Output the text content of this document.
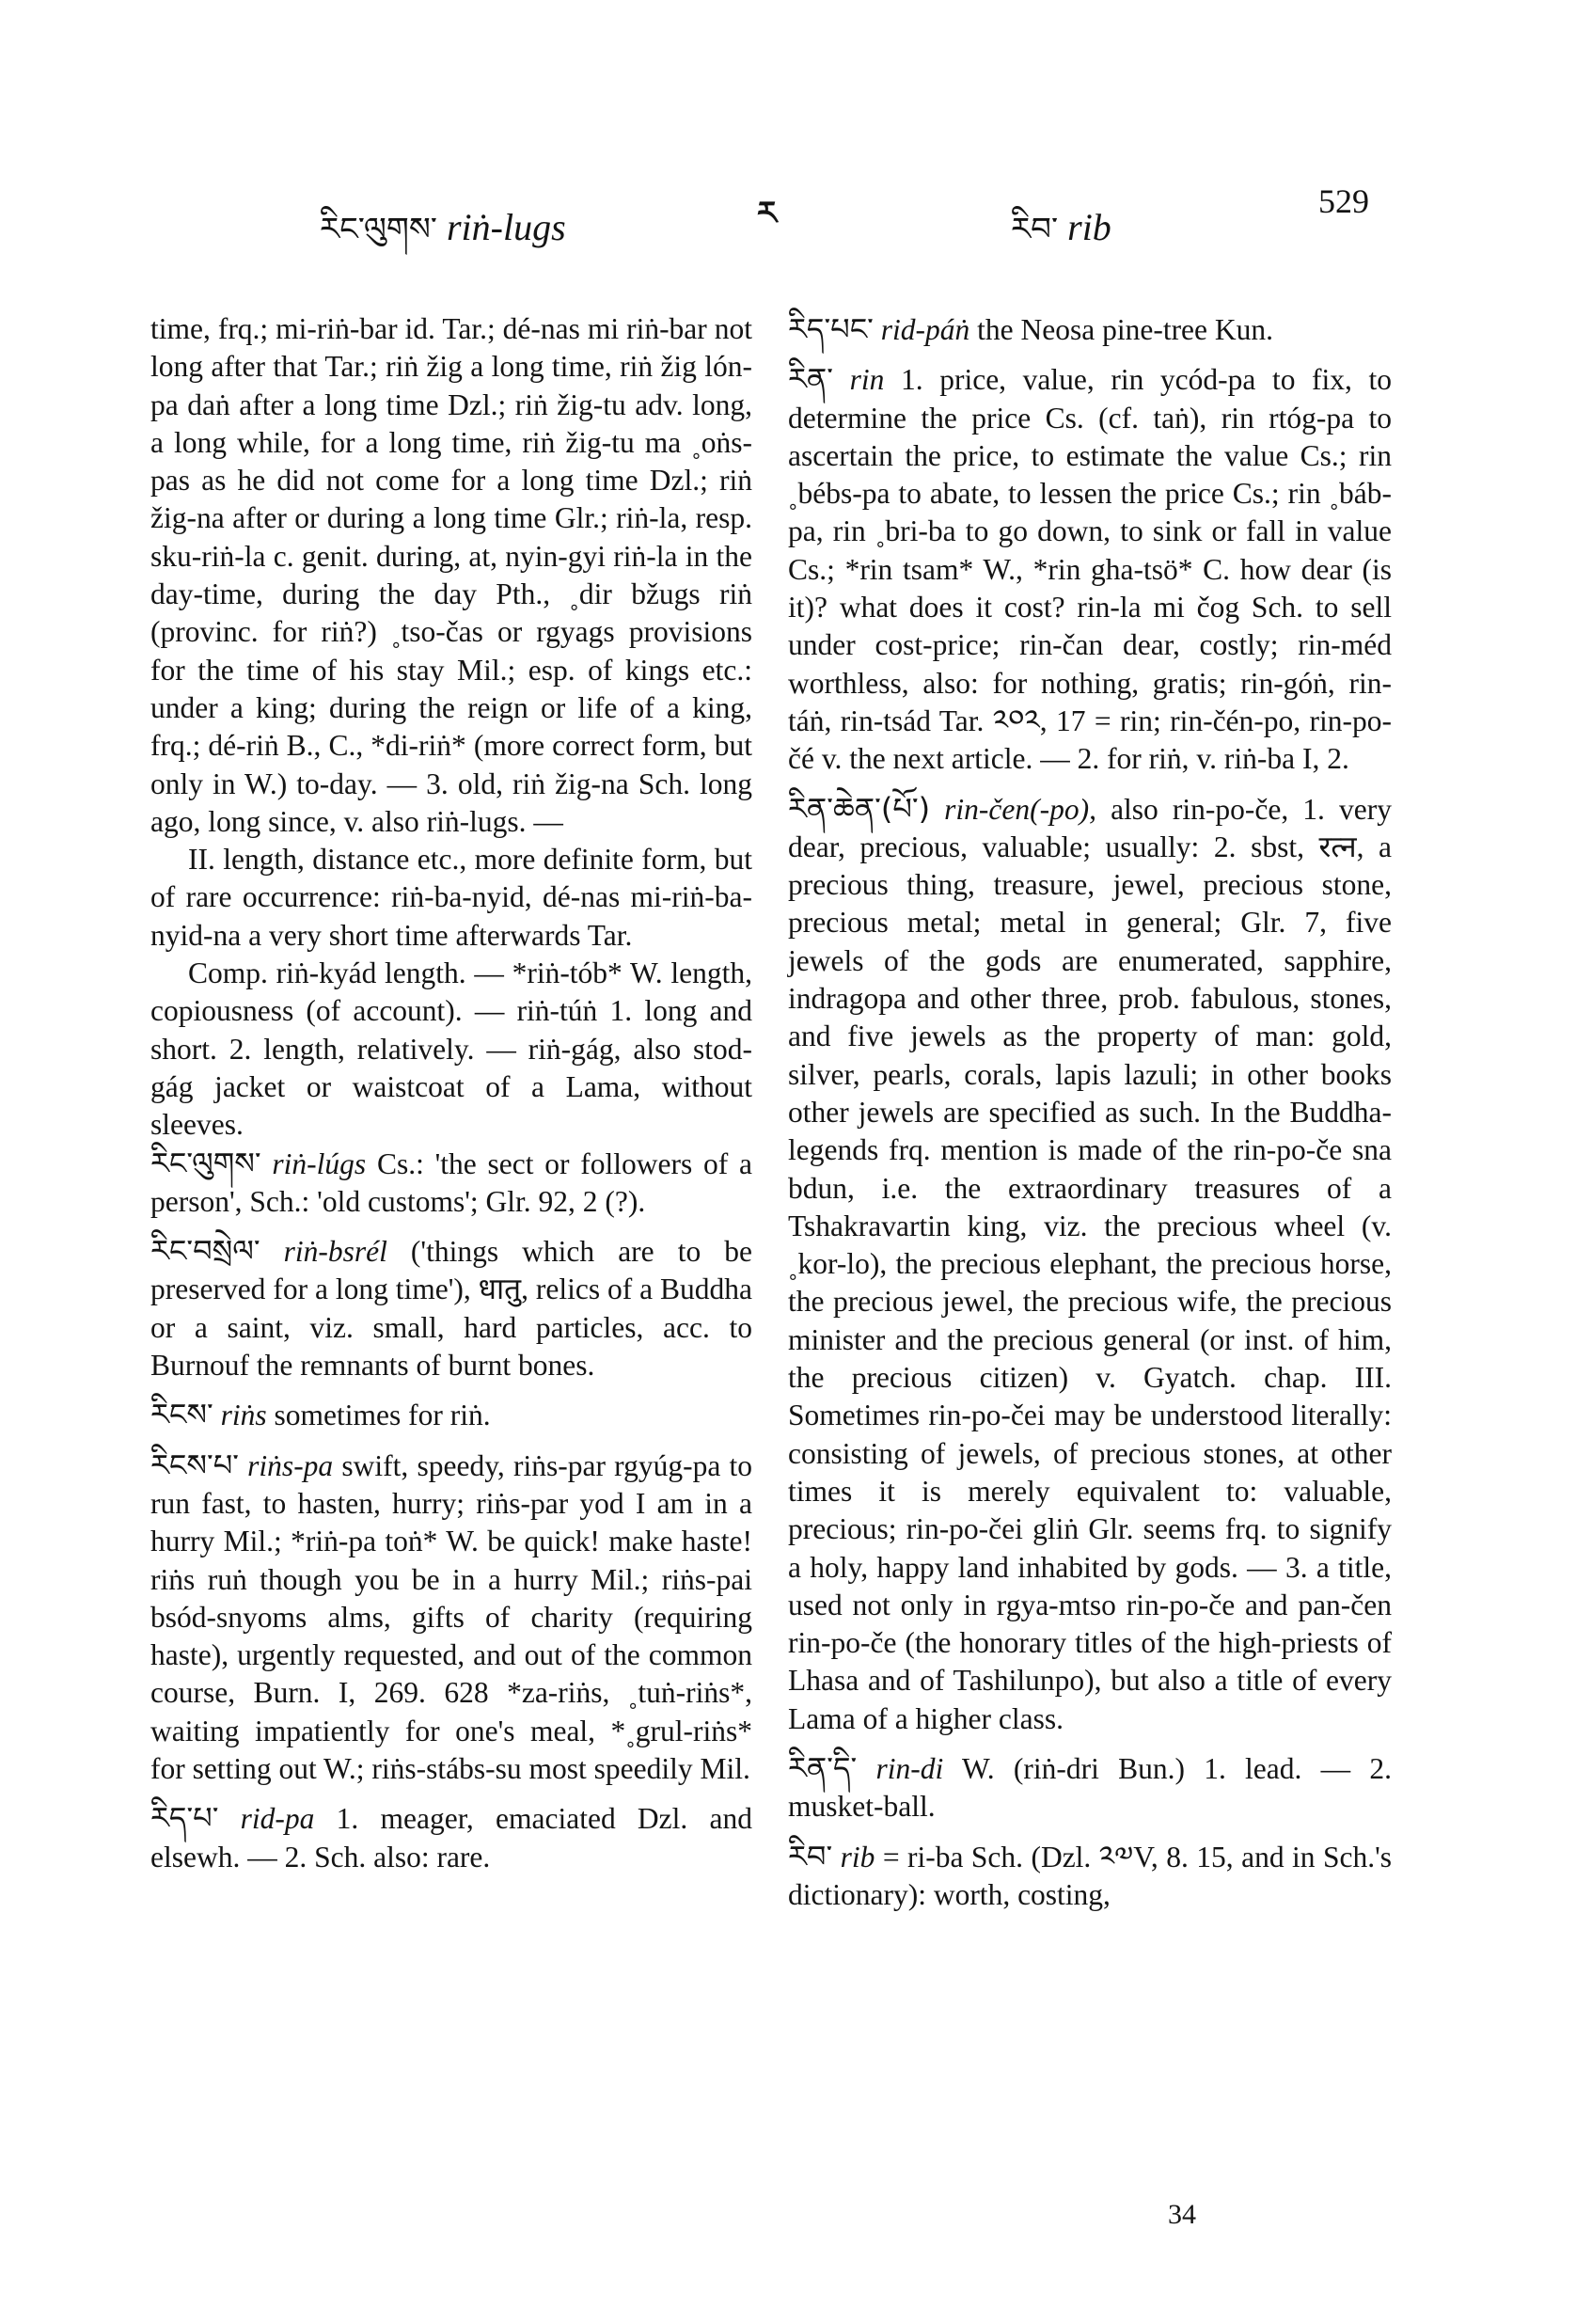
རིང་ལུགས་ riṅ-lugs	ར	རིབ་ rib
529

time, frq.; mi-riṅ-bar id. Tar.; dé-nas mi riṅ-bar not long after that Tar.; riṅ žig a long time, riṅ žig lón-pa daṅ after a long time Dzl.; riṅ žig-tu adv. long, a long while, for a long time, riṅ žig-tu ma ˳oṅs-pas as he did not come for a long time Dzl.; riṅ žig-na after or during a long time Glr.; riṅ-la, resp. sku-riṅ-la c. genit. during, at, nyin-gyi riṅ-la in the day-time, during the day Pth., ˳dir bžugs riṅ (provinc. for riṅ?) ˳tso-čas or rgyags provisions for the time of his stay Mil.; esp. of kings etc.: under a king; during the reign or life of a king, frq.; dé-riṅ B., C., *di-riṅ* (more correct form, but only in W.) to-day. — 3. old, riṅ žig-na Sch. long ago, long since, v. also riṅ-lugs. —

II. length, distance etc., more definite form, but of rare occurrence: riṅ-ba-nyid, dé-nas mi-riṅ-ba-nyid-na a very short time afterwards Tar.

Comp. riṅ-kyád length. — *riṅ-tób* W. length, copiousness (of account). — riṅ-túṅ 1. long and short. 2. length, relatively. — riṅ-gág, also stod-gág jacket or waistcoat of a Lama, without sleeves.

རིང་ལུགས་ riṅ-lúgs Cs.: 'the sect or followers of a person', Sch.: 'old customs'; Glr. 92, 2 (?).
རིང་བསྲེལ་ riṅ-bsrél ('things which are to be preserved for a long time'), धातु, relics of a Buddha or a saint, viz. small, hard particles, acc. to Burnouf the remnants of burnt bones.
རིངས་ riṅs sometimes for riṅ.
རིངས་པ་ riṅs-pa swift, speedy, riṅs-par rgyúg-pa to run fast, to hasten, hurry; riṅs-par yod I am in a hurry Mil.; *riṅ-pa toṅ* W. be quick! make haste! riṅs ruṅ though you be in a hurry Mil.; riṅs-pai bsód-snyoms alms, gifts of charity (requiring haste), urgently requested, and out of the common course, Burn. I, 269. 628 *za-riṅs, ˳tuṅ-riṅs*, waiting impatiently for one's meal, *˳grul-riṅs* for setting out W.; riṅs-stábs-su most speedily Mil.
རིད་པ་ rid-pa 1. meager, emaciated Dzl. and elsewh. — 2. Sch. also: rare.
རིད་པང་ rid-páṅ the Neosa pine-tree Kun.
རིན་ rin 1. price, value, rin ycód-pa to fix, to determine the price Cs. (cf. taṅ), rin rtóg-pa to ascertain the price, to estimate the value Cs.; rin ˳bébs-pa to abate, to lessen the price Cs.; rin ˳báb-pa, rin ˳bri-ba to go down, to sink or fall in value Cs.; *rin tsam* W., *rin gha-tsö* C. how dear (is it)? what does it cost? rin-la mi čog Sch. to sell under cost-price; rin-čan dear, costly; rin-méd worthless, also: for nothing, gratis; rin-góṅ, rin-táṅ, rin-tsád Tar. ༢༠༢, 17 = rin; rin-čén-po, rin-po-čé v. the next article. — 2. for riṅ, v. riṅ-ba I, 2.
རིན་ཆེན་(པོ་) rin-čen(-po), also rin-po-če, 1. very dear, precious, valuable; usually: 2. sbst, रत्न, a precious thing, treasure, jewel, precious stone, precious metal; metal in general; Glr. 7, five jewels of the gods are enumerated, sapphire, indragopa and other three, prob. fabulous, stones, and five jewels as the property of man: gold, silver, pearls, corals, lapis lazuli; in other books other jewels are specified as such. In the Buddha-legends frq. mention is made of the rin-po-če sna bdun, i.e. the extraordinary treasures of a Tshakravartin king, viz. the precious wheel (v. ˳kor-lo), the precious elephant, the precious horse, the precious jewel, the precious wife, the precious minister and the precious general (or inst. of him, the precious citizen) v. Gyatch. chap. III. Sometimes rin-po-čei may be understood literally: consisting of jewels, of precious stones, at other times it is merely equivalent to: valuable, precious; rin-po-čei gliṅ Glr. seems frq. to signify a holy, happy land inhabited by gods. — 3. a title, used not only in rgya-mtso rin-po-če and pan-čen rin-po-če (the honorary titles of the high-priests of Lhasa and of Tashilunpo), but also a title of every Lama of a higher class.
རིན་དི་ rin-di W. (riṅ-dri Bun.) 1. lead. — 2. musket-ball.
རིབ་ rib = ri-ba Sch. (Dzl. ༢༧V, 8. 15, and in Sch.'s dictionary): worth, costing,
34
